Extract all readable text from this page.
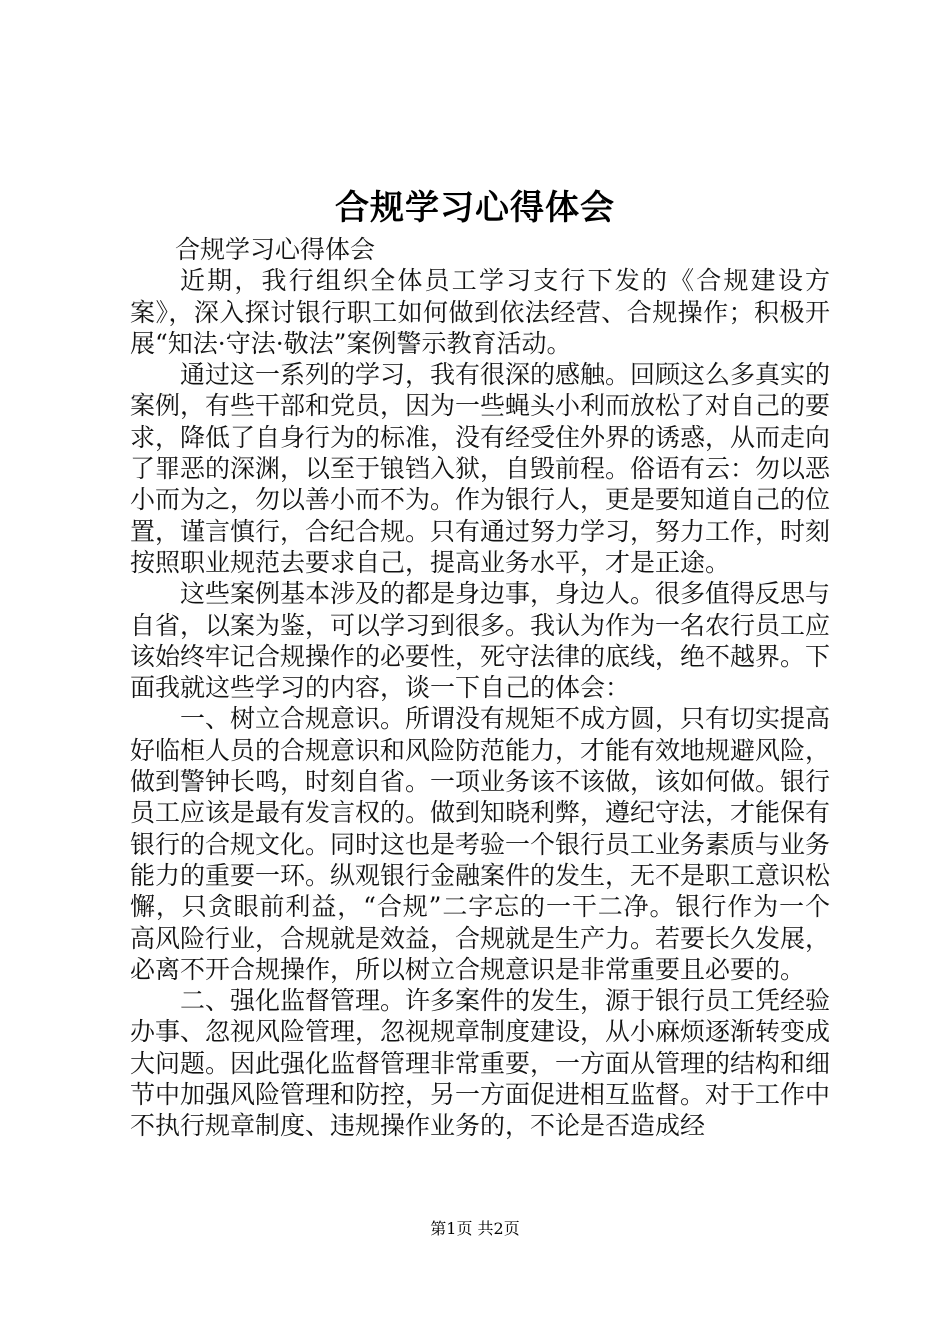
合规学习心得体会

合规学习心得体会

近期，我行组织全体员工学习支行下发的《合规建设方案》，深入探讨银行职工如何做到依法经营、合规操作；积极开展“知法·守法·敬法”案例警示教育活动。

通过这一系列的学习，我有很深的感触。回顾这么多真实的案例，有些干部和党员，因为一些蝇头小利而放松了对自己的要求，降低了自身行为的标准，没有经受住外界的诱惑，从而走向了罪恶的深渊，以至于锒铛入狱，自毁前程。俗语有云：勿以恶小而为之，勿以善小而不为。作为银行人，更是要知道自己的位置，谨言慎行，合纪合规。只有通过努力学习，努力工作，时刻按照职业规范去要求自己，提高业务水平，才是正途。

这些案例基本涉及的都是身边事，身边人。很多值得反思与自省，以案为鉴，可以学习到很多。我认为作为一名农行员工应该始终牢记合规操作的必要性，死守法律的底线，绝不越界。下面我就这些学习的内容，谈一下自己的体会：

一、树立合规意识。所谓没有规矩不成方圆，只有切实提高好临柜人员的合规意识和风险防范能力，才能有效地规避风险，做到警钟长鸣，时刻自省。一项业务该不该做，该如何做。银行员工应该是最有发言权的。做到知晓利弊，遵纪守法，才能保有银行的合规文化。同时这也是考验一个银行员工业务素质与业务能力的重要一环。纵观银行金融案件的发生，无不是职工意识松懈，只贪眼前利益，“合规”二字忘的一干二净。银行作为一个高风险行业，合规就是效益，合规就是生产力。若要长久发展，必离不开合规操作，所以树立合规意识是非常重要且必要的。

二、强化监督管理。许多案件的发生，源于银行员工凭经验办事、忽视风险管理，忽视规章制度建设，从小麻烦逐渐转变成大问题。因此强化监督管理非常重要，一方面从管理的结构和细节中加强风险管理和防控，另一方面促进相互监督。对于工作中不执行规章制度、违规操作业务的，不论是否造成经

第1页 共2页
